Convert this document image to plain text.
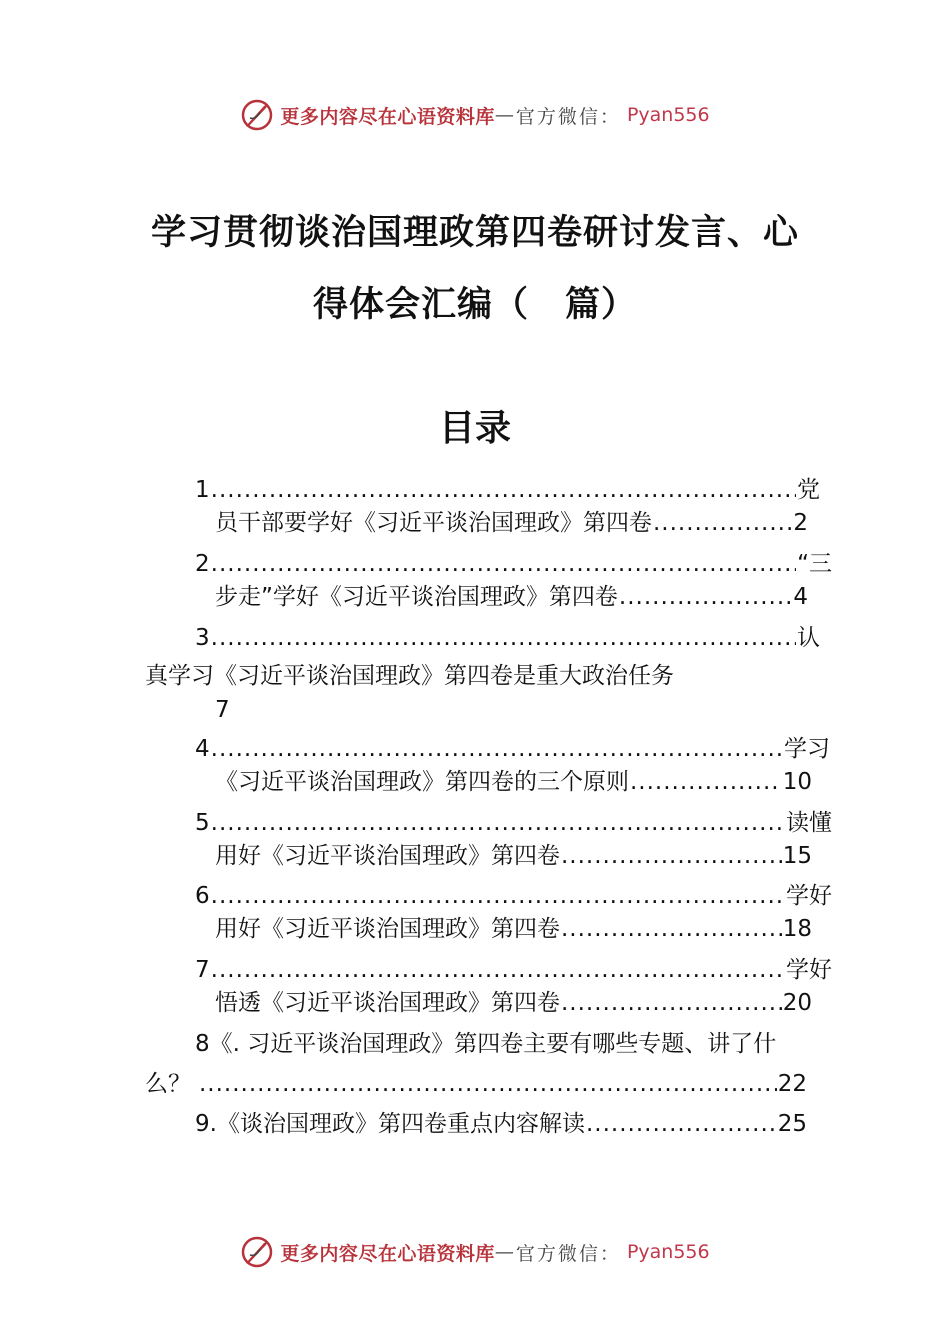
更多内容尽在心语资料库 — 官方微信： Pyan556
学习贯彻谈治国理政第四卷研讨发言、心
得体会汇编（　篇）
目录
1 .....	党
员干部要学好《习近平谈治国理政》第四卷 .....	2
2 .....	“三
步走”学好《习近平谈治国理政》第四卷 .....	4
3 .....	认
真学习《习近平谈治国理政》第四卷是重大政治任务
7
4 .....	学习
《习近平谈治国理政》第四卷的三个原则 .....	10
5 .....	读懂
用好《习近平谈治国理政》第四卷 .....	15
6 .....	学好
用好《习近平谈治国理政》第四卷 .....	18
7 .....	学好
悟透《习近平谈治国理政》第四卷 .....	20
8《. 习近平谈治国理政》第四卷主要有哪些专题、讲了什
么？ .....	22
9.《谈治国理政》第四卷重点内容解读 .....	25
更多内容尽在心语资料库 — 官方微信： Pyan556
